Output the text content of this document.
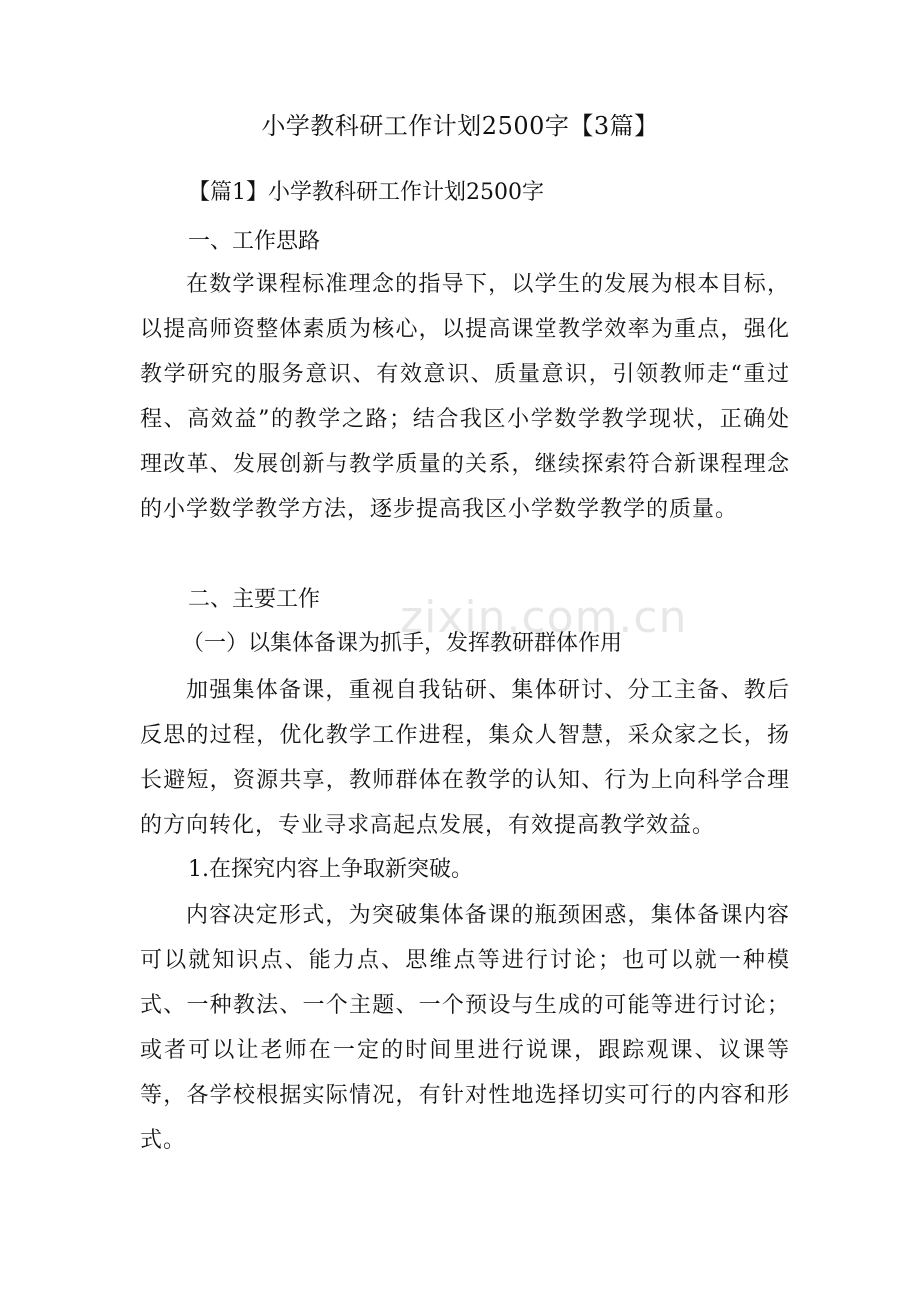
小学教科研工作计划2500字【3篇】
【篇1】小学教科研工作计划2500字
一、工作思路
在数学课程标准理念的指导下，以学生的发展为根本目标，以提高师资整体素质为核心，以提高课堂教学效率为重点，强化教学研究的服务意识、有效意识、质量意识，引领教师走“重过程、高效益”的教学之路；结合我区小学数学教学现状，正确处理改革、发展创新与教学质量的关系，继续探索符合新课程理念的小学数学教学方法，逐步提高我区小学数学教学的质量。
二、主要工作
（一）以集体备课为抓手，发挥教研群体作用
加强集体备课，重视自我钻研、集体研讨、分工主备、教后反思的过程，优化教学工作进程，集众人智慧，采众家之长，扬长避短，资源共享，教师群体在教学的认知、行为上向科学合理的方向转化，专业寻求高起点发展，有效提高教学效益。
1.在探究内容上争取新突破。
内容决定形式，为突破集体备课的瓶颈困惑，集体备课内容可以就知识点、能力点、思维点等进行讨论；也可以就一种模式、一种教法、一个主题、一个预设与生成的可能等进行讨论；或者可以让老师在一定的时间里进行说课，跟踪观课、议课等等，各学校根据实际情况，有针对性地选择切实可行的内容和形式。
zixin.com.cn
